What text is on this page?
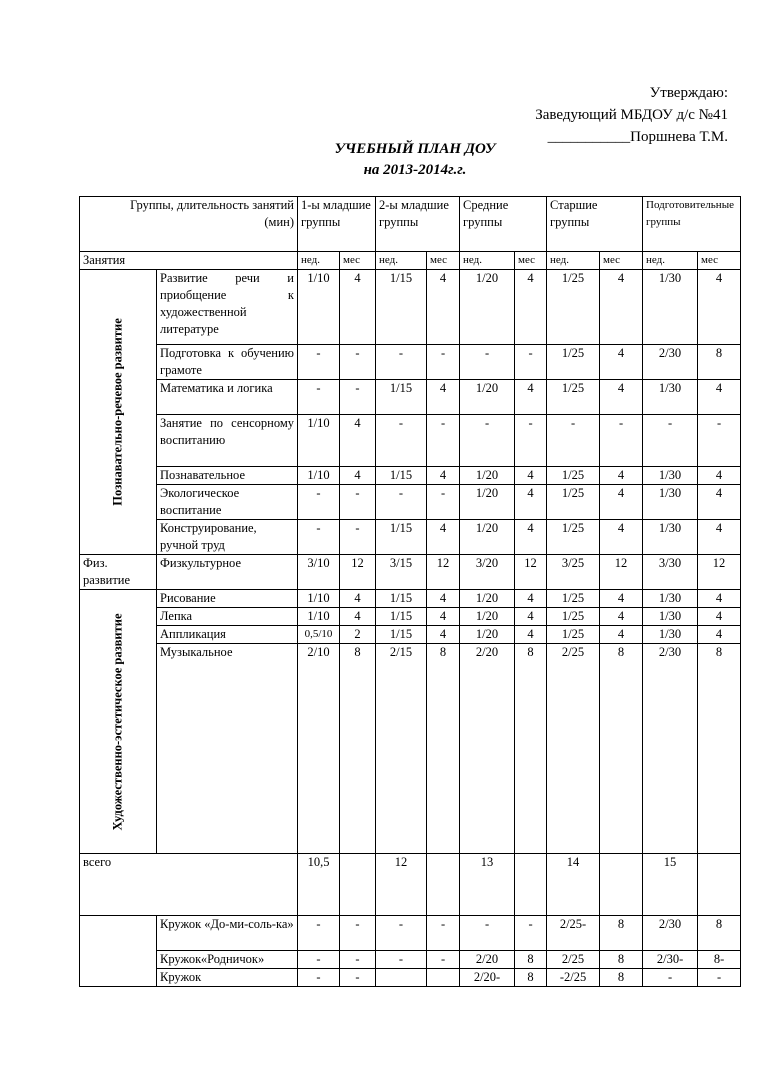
Утверждаю:
Заведующий МБДОУ д/с №41
___________Поршнева Т.М.
УЧЕБНЫЙ ПЛАН ДОУ
на 2013-2014г.г.
Группы, длительность занятий
(мин)		1-ы младшие группы		2-ы младшие группы		Средние группы		Старшие группы		Подготовительные группы	
Занятия		нед.	мес	нед.	мес	нед.	мес	нед.	мес	нед.	мес

Познавательно-речевое развитие	Развитие речи и приобщение к художественной литературе	1/10	4	1/15	4	1/20	4	1/25	4	1/30	4
	Подготовка к обучению грамоте	-	-	-	-	-	-	1/25	4	2/30	8
	Математика и логика	-	-	1/15	4	1/20	4	1/25	4	1/30	4
	Занятие по сенсорному воспитанию	1/10	4	-	-	-	-	-	-	-	-
	Познавательное	1/10	4	1/15	4	1/20	4	1/25	4	1/30	4
	Экологическое воспитание	-	-	-	-	1/20	4	1/25	4	1/30	4
	Конструирование, ручной труд	-	-	1/15	4	1/20	4	1/25	4	1/30	4
Физ. развитие	Физкультурное	3/10	12	3/15	12	3/20	12	3/25	12	3/30	12

Художественно-эстетическое развитие	Рисование	1/10	4	1/15	4	1/20	4	1/25	4	1/30	4
	Лепка	1/10	4	1/15	4	1/20	4	1/25	4	1/30	4
	Аппликация	0,5/10	2	1/15	4	1/20	4	1/25	4	1/30	4
	Музыкальное	2/10	8	2/15	8	2/20	8	2/25	8	2/30	8
всего		10,5		12		13		14		15	
	Кружок «До-ми-соль-ка»	-	-	-	-	-	-	2/25-	8	2/30	8
	Кружок«Родничок»	-	-	-	-	2/20	8	2/25	8	2/30-	8-
	Кружок	-	-			2/20-	8	-2/25	8	-	-
